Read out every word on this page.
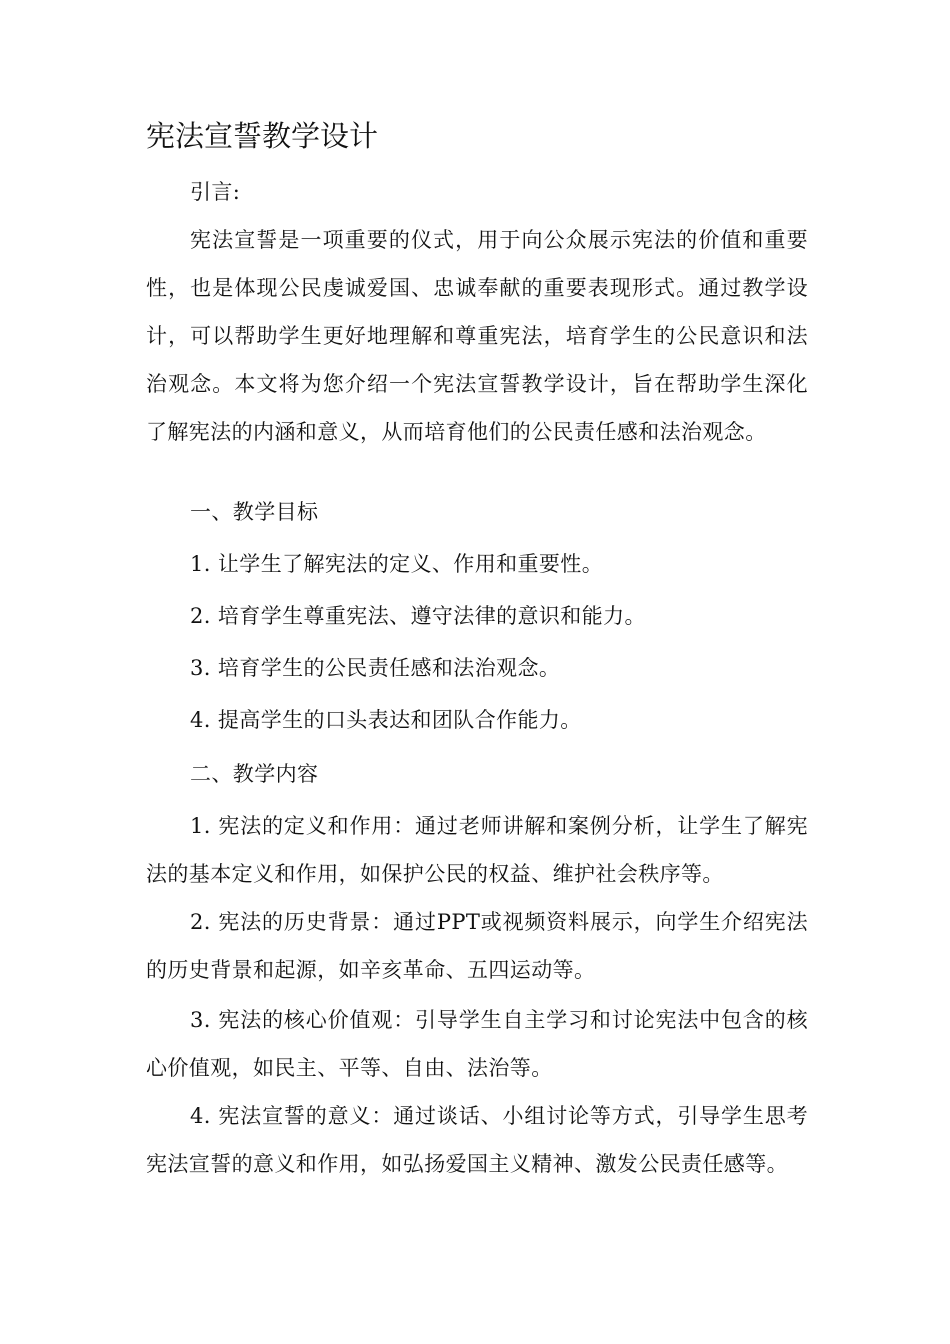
宪法宣誓教学设计

引言:

宪法宣誓是一项重要的仪式，用于向公众展示宪法的价值和重要性，也是体现公民虔诚爱国、忠诚奉献的重要表现形式。通过教学设计，可以帮助学生更好地理解和尊重宪法，培育学生的公民意识和法治观念。本文将为您介绍一个宪法宣誓教学设计，旨在帮助学生深化了解宪法的内涵和意义，从而培育他们的公民责任感和法治观念。

一、教学目标

1. 让学生了解宪法的定义、作用和重要性。

2. 培育学生尊重宪法、遵守法律的意识和能力。

3. 培育学生的公民责任感和法治观念。

4. 提高学生的口头表达和团队合作能力。

二、教学内容

1. 宪法的定义和作用：通过老师讲解和案例分析，让学生了解宪法的基本定义和作用，如保护公民的权益、维护社会秩序等。

2. 宪法的历史背景：通过PPT或视频资料展示，向学生介绍宪法的历史背景和起源，如辛亥革命、五四运动等。

3. 宪法的核心价值观：引导学生自主学习和讨论宪法中包含的核心价值观，如民主、平等、自由、法治等。

4. 宪法宣誓的意义：通过谈话、小组讨论等方式，引导学生思考宪法宣誓的意义和作用，如弘扬爱国主义精神、激发公民责任感等。
